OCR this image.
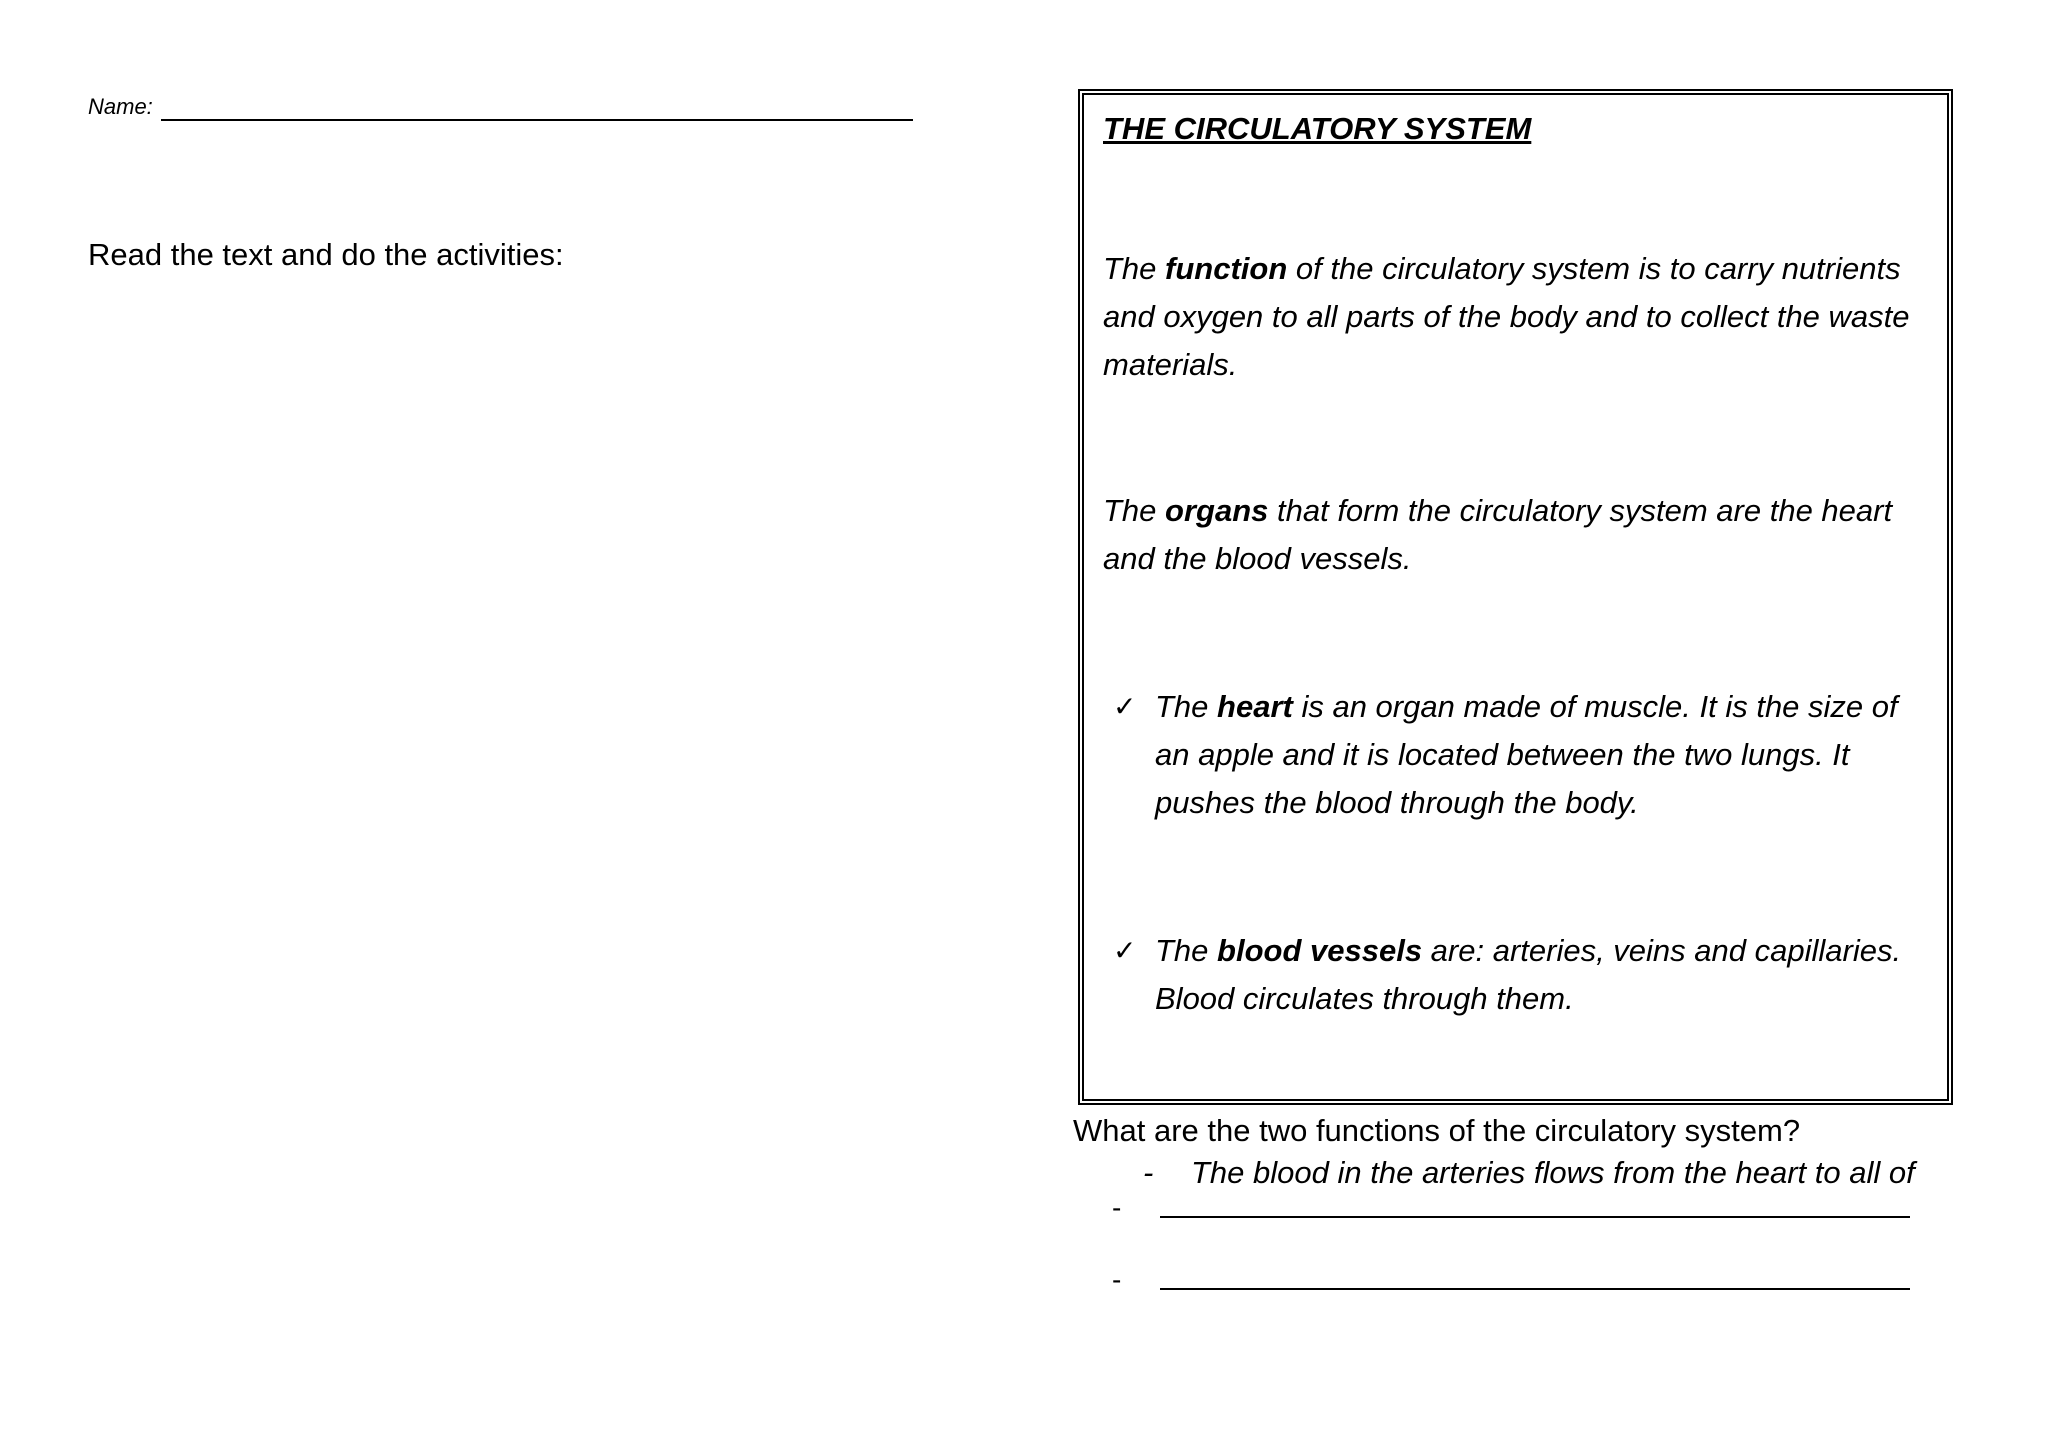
Name:
Read the text and do the activities:
THE CIRCULATORY SYSTEM

The function of the circulatory system is to carry nutrients and oxygen to all parts of the body and to collect the waste materials.

The organs that form the circulatory system are the heart and the blood vessels.

✓ The heart is an organ made of muscle. It is the size of an apple and it is located between the two lungs. It pushes the blood through the body.
✓ The blood vessels are: arteries, veins and capillaries. Blood circulates through them.
- The blood in the arteries flows from the heart to all of
What are the two functions of the circulatory system?
-
-
